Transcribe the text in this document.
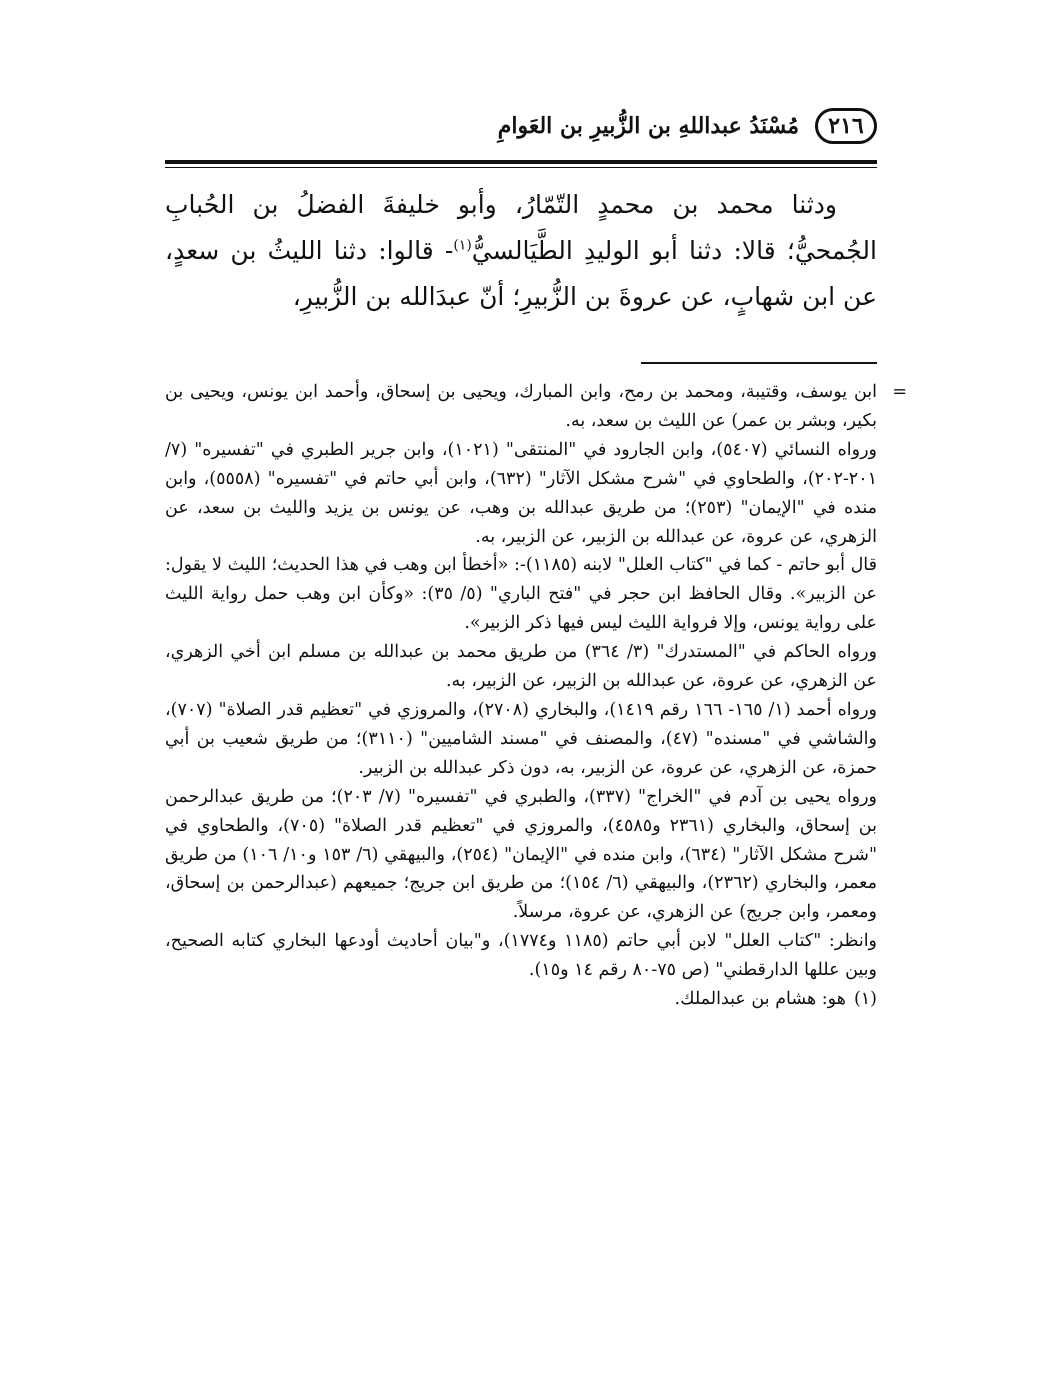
٢١٦
مُسْنَدُ عبداللهِ بن الزُّبيرِ بن العَوامِ

ودثنا محمد بن محمدٍ التّمّارُ، وأبو خليفةَ الفضلُ بن الحُبابِ الجُمحيُّ؛ قالا: دثنا أبو الوليدِ الطَّيَالسيُّ$^{(١)}$- قالوا: دثنا الليثُ بن سعدٍ، عن ابن شهابٍ، عن عروةَ بن الزُّبيرِ؛ أنّ عبدَالله بن الزُّبيرِ،

=
ابن يوسف، وقتيبة، ومحمد بن رمح، وابن المبارك، ويحيى بن إسحاق، وأحمد ابن يونس، ويحيى بن بكير، وبشر بن عمر) عن الليث بن سعد، به.

ورواه النسائي (٥٤٠٧)، وابن الجارود في "المنتقى" (١٠٢١)، وابن جرير الطبري في "تفسيره" (٧/ ٢٠١-٢٠٢)، والطحاوي في "شرح مشكل الآثار" (٦٣٢)، وابن أبي حاتم في "تفسيره" (٥٥٥٨)، وابن منده في "الإيمان" (٢٥٣)؛ من طريق عبدالله بن وهب، عن يونس بن يزيد والليث بن سعد، عن الزهري، عن عروة، عن عبدالله بن الزبير، عن الزبير، به.

قال أبو حاتم - كما في "كتاب العلل" لابنه (١١٨٥)-: «أخطأ ابن وهب في هذا الحديث؛ الليث لا يقول: عن الزبير». وقال الحافظ ابن حجر في "فتح الباري" (٥/ ٣٥): «وكأن ابن وهب حمل رواية الليث على رواية يونس، وإلا فرواية الليث ليس فيها ذكر الزبير».

ورواه الحاكم في "المستدرك" (٣/ ٣٦٤) من طريق محمد بن عبدالله بن مسلم ابن أخي الزهري، عن الزهري، عن عروة، عن عبدالله بن الزبير، عن الزبير، به.

ورواه أحمد (١/ ١٦٥- ١٦٦ رقم ١٤١٩)، والبخاري (٢٧٠٨)، والمروزي في "تعظيم قدر الصلاة" (٧٠٧)، والشاشي في "مسنده" (٤٧)، والمصنف في "مسند الشاميين" (٣١١٠)؛ من طريق شعيب بن أبي حمزة، عن الزهري، عن عروة، عن الزبير، به، دون ذكر عبدالله بن الزبير.

ورواه يحيى بن آدم في "الخراج" (٣٣٧)، والطبري في "تفسيره" (٧/ ٢٠٣)؛ من طريق عبدالرحمن بن إسحاق، والبخاري (٢٣٦١ و٤٥٨٥)، والمروزي في "تعظيم قدر الصلاة" (٧٠٥)، والطحاوي في "شرح مشكل الآثار" (٦٣٤)، وابن منده في "الإيمان" (٢٥٤)، والبيهقي (٦/ ١٥٣ و١٠/ ١٠٦) من طريق معمر، والبخاري (٢٣٦٢)، والبيهقي (٦/ ١٥٤)؛ من طريق ابن جريج؛ جميعهم (عبدالرحمن بن إسحاق، ومعمر، وابن جريج) عن الزهري، عن عروة، مرسلاً.

وانظر: "كتاب العلل" لابن أبي حاتم (١١٨٥ و١٧٧٤)، و"بيان أحاديث أودعها البخاري كتابه الصحيح، وبين عللها الدارقطني" (ص ٧٥-٨٠ رقم ١٤ و١٥).

(١)
هو: هشام بن عبدالملك.
